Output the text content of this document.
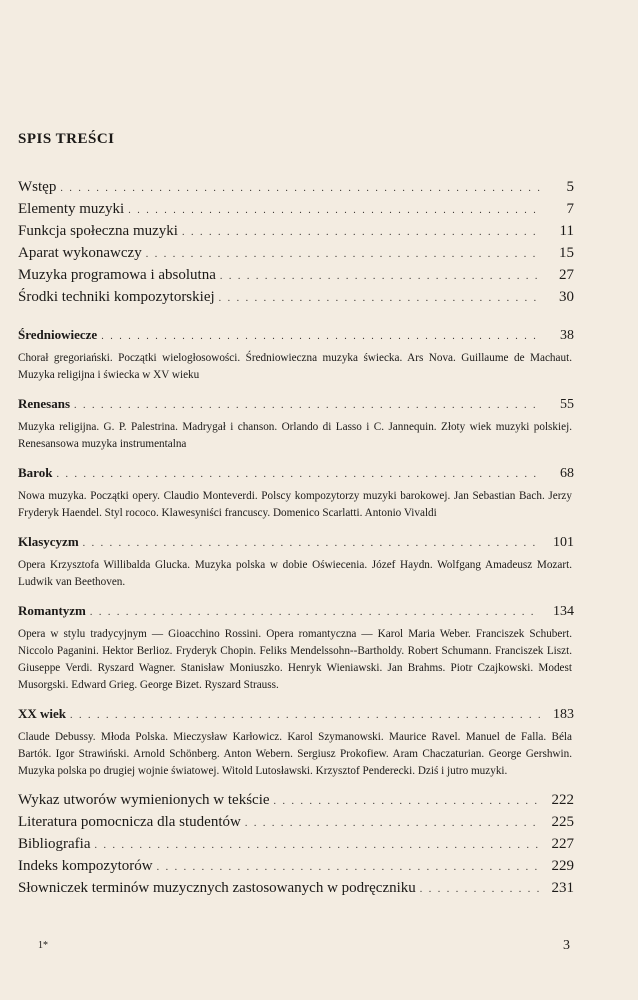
SPIS TREŚCI
Wstęp . . .	5
Elementy muzyki . . .	7
Funkcja społeczna muzyki . . .	11
Aparat wykonawczy . . .	15
Muzyka programowa i absolutna . . .	27
Środki techniki kompozytorskiej . . .	30
Średniowiecze . . .	38

Chorał gregoriański. Początki wielogłosowości. Średniowieczna muzyka świecka. Ars Nova. Guillaume de Machaut. Muzyka religijna i świecka w XV wieku

Renesans . . .	55

Muzyka religijna. G. P. Palestrina. Madrygał i chanson. Orlando di Lasso i C. Jannequin. Złoty wiek muzyki polskiej. Renesansowa muzyka instrumentalna

Barok . . .	68

Nowa muzyka. Początki opery. Claudio Monteverdi. Polscy kompozytorzy muzyki barokowej. Jan Sebastian Bach. Jerzy Fryderyk Haendel. Styl rococo. Klawesyniści francuscy. Domenico Scarlatti. Antonio Vivaldi

Klasycyzm . . .	101

Opera Krzysztofa Willibalda Glucka. Muzyka polska w dobie Oświecenia. Józef Haydn. Wolfgang Amadeusz Mozart. Ludwik van Beethoven.

Romantyzm . . .	134

Opera w stylu tradycyjnym — Gioacchino Rossini. Opera romantyczna — Karol Maria Weber. Franciszek Schubert. Niccolo Paganini. Hektor Berlioz. Fryderyk Chopin. Feliks Mendelssohn--Bartholdy. Robert Schumann. Franciszek Liszt. Giuseppe Verdi. Ryszard Wagner. Stanisław Moniuszko. Henryk Wieniawski. Jan Brahms. Piotr Czajkowski. Modest Musorgski. Edward Grieg. George Bizet. Ryszard Strauss.

XX wiek . . .	183

Claude Debussy. Młoda Polska. Mieczysław Karłowicz. Karol Szymanowski. Maurice Ravel. Manuel de Falla. Béla Bartók. Igor Strawiński. Arnold Schönberg. Anton Webern. Sergiusz Prokofiew. Aram Chaczaturian. George Gershwin. Muzyka polska po drugiej wojnie światowej. Witold Lutosławski. Krzysztof Penderecki. Dziś i jutro muzyki.

Wykaz utworów wymienionych w tekście . . .	222
Literatura pomocnicza dla studentów . . .	225
Bibliografia . . .	227
Indeks kompozytorów . . .	229
Słowniczek terminów muzycznych zastosowanych w podręczniku . . .	231
1*	3
